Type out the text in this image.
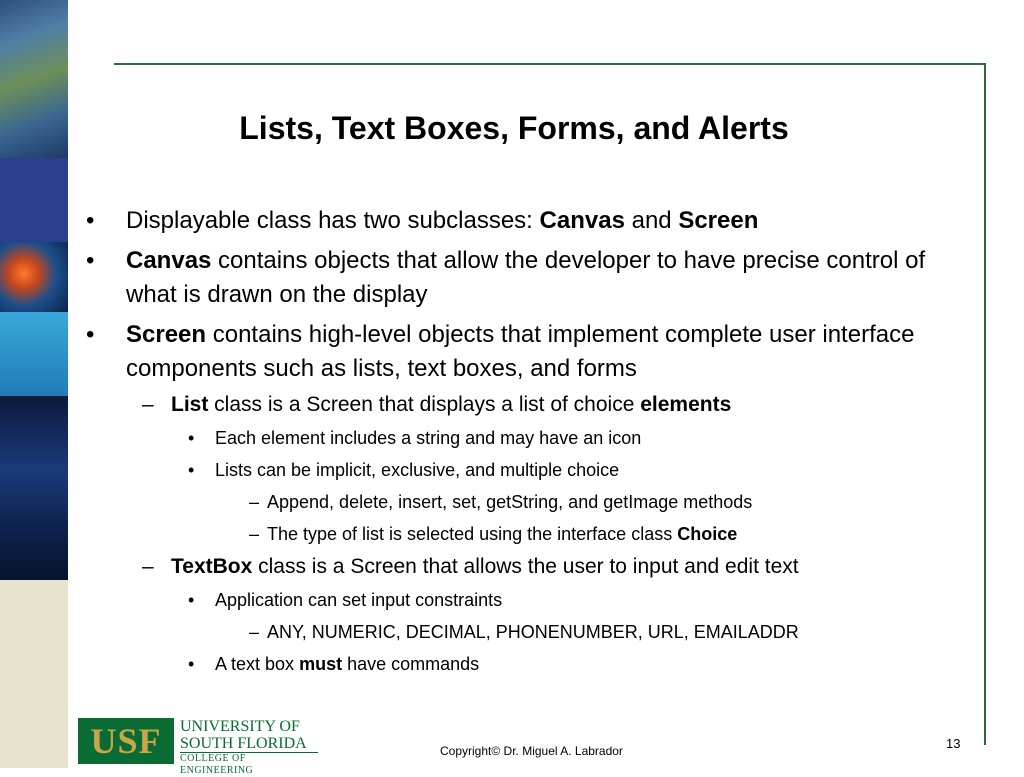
Lists, Text Boxes, Forms, and Alerts
• Displayable class has two subclasses: Canvas and Screen
• Canvas contains objects that allow the developer to have precise control of what is drawn on the display
• Screen contains high-level objects that implement complete user interface components such as lists, text boxes, and forms
– List class is a Screen that displays a list of choice elements
• Each element includes a string and may have an icon
• Lists can be implicit, exclusive, and multiple choice
– Append, delete, insert, set, getString, and getImage methods
– The type of list is selected using the interface class Choice
– TextBox class is a Screen that allows the user to input and edit text
• Application can set input constraints
– ANY, NUMERIC, DECIMAL, PHONENUMBER, URL, EMAILADDR
• A text box must have commands
USF	UNIVERSITY OF
SOUTH FLORIDA
COLLEGE OF ENGINEERING
Copyright© Dr. Miguel A. Labrador	13
